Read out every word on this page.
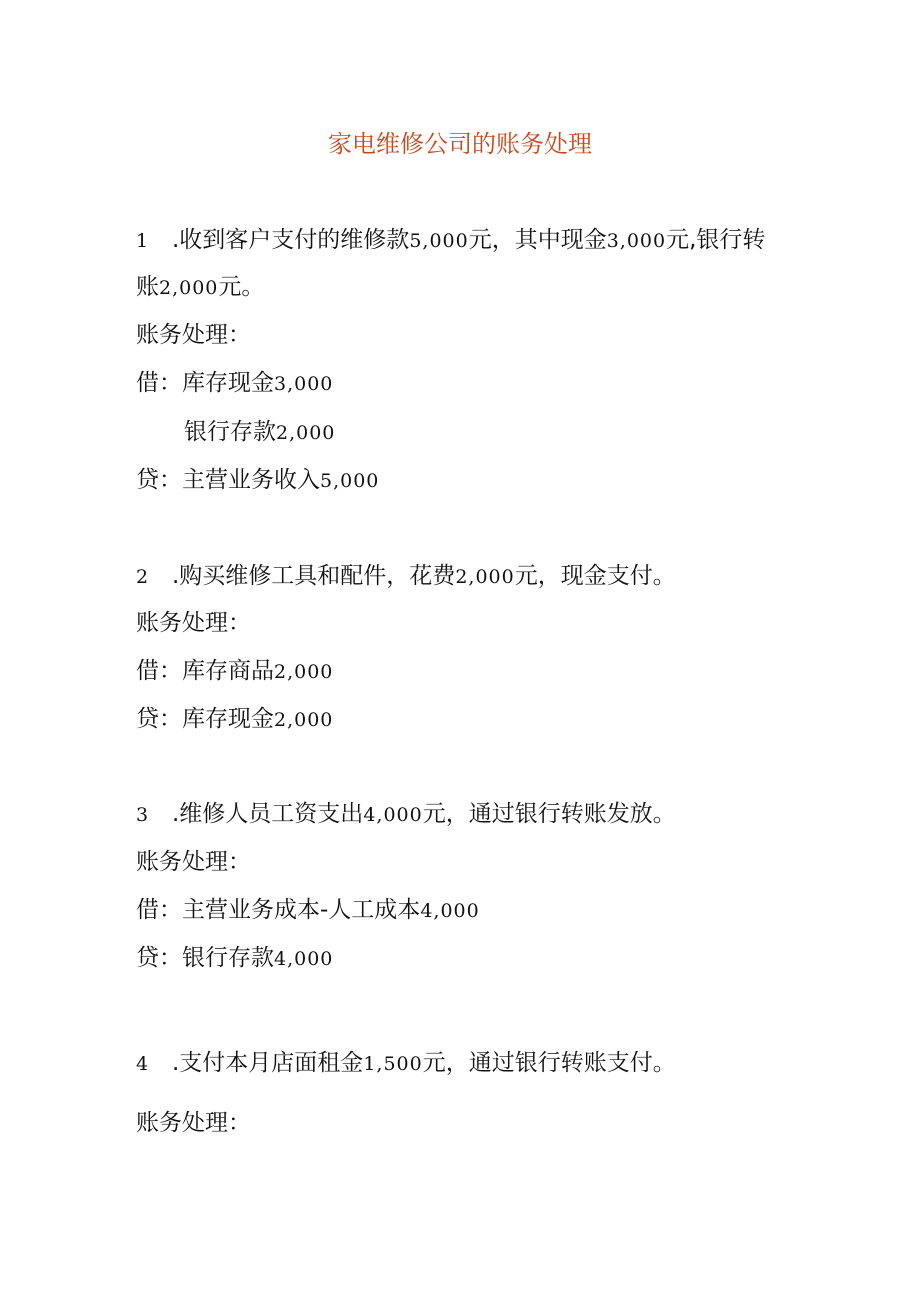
家电维修公司的账务处理
1 .收到客户支付的维修款5,000元，其中现金3,000元,银行转
账2,000元。
账务处理：
借：库存现金3,000
银行存款2,000
贷：主营业务收入5,000
2 .购买维修工具和配件，花费2,000元，现金支付。
账务处理：
借：库存商品2,000
贷：库存现金2,000
3 .维修人员工资支出4,000元，通过银行转账发放。
账务处理：
借：主营业务成本-人工成本4,000
贷：银行存款4,000
4 .支付本月店面租金1,500元，通过银行转账支付。
账务处理：
